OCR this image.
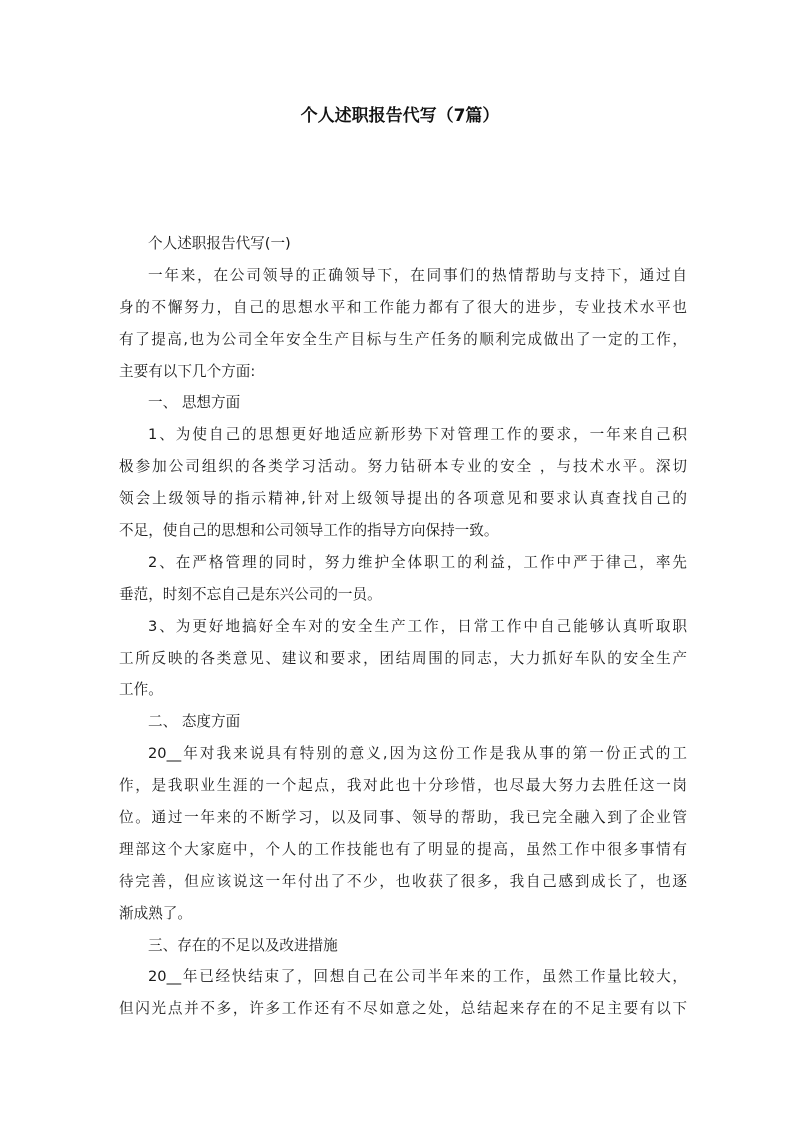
个人述职报告代写（7篇）
个人述职报告代写(一)
一年来，在公司领导的正确领导下，在同事们的热情帮助与支持下，通过自
身的不懈努力，自己的思想水平和工作能力都有了很大的进步，专业技术水平也
有了提高,也为公司全年安全生产目标与生产任务的顺利完成做出了一定的工作，
主要有以下几个方面:
一、 思想方面
1、为使自己的思想更好地适应新形势下对管理工作的要求，一年来自己积
极参加公司组织的各类学习活动。努力钻研本专业的安全 ，与技术水平。深切
领会上级领导的指示精神,针对上级领导提出的各项意见和要求认真查找自己的
不足，使自己的思想和公司领导工作的指导方向保持一致。
2、在严格管理的同时，努力维护全体职工的利益，工作中严于律己，率先
垂范，时刻不忘自己是东兴公司的一员。
3、为更好地搞好全车对的安全生产工作，日常工作中自己能够认真听取职
工所反映的各类意见、建议和要求，团结周围的同志，大力抓好车队的安全生产
工作。
二、 态度方面
20__年对我来说具有特别的意义,因为这份工作是我从事的第一份正式的工
作，是我职业生涯的一个起点，我对此也十分珍惜，也尽最大努力去胜任这一岗
位。通过一年来的不断学习，以及同事、领导的帮助，我已完全融入到了企业管
理部这个大家庭中，个人的工作技能也有了明显的提高，虽然工作中很多事情有
待完善，但应该说这一年付出了不少，也收获了很多，我自己感到成长了，也逐
渐成熟了。
三、存在的不足以及改进措施
20__年已经快结束了，回想自己在公司半年来的工作，虽然工作量比较大，
但闪光点并不多，许多工作还有不尽如意之处，总结起来存在的不足主要有以下
